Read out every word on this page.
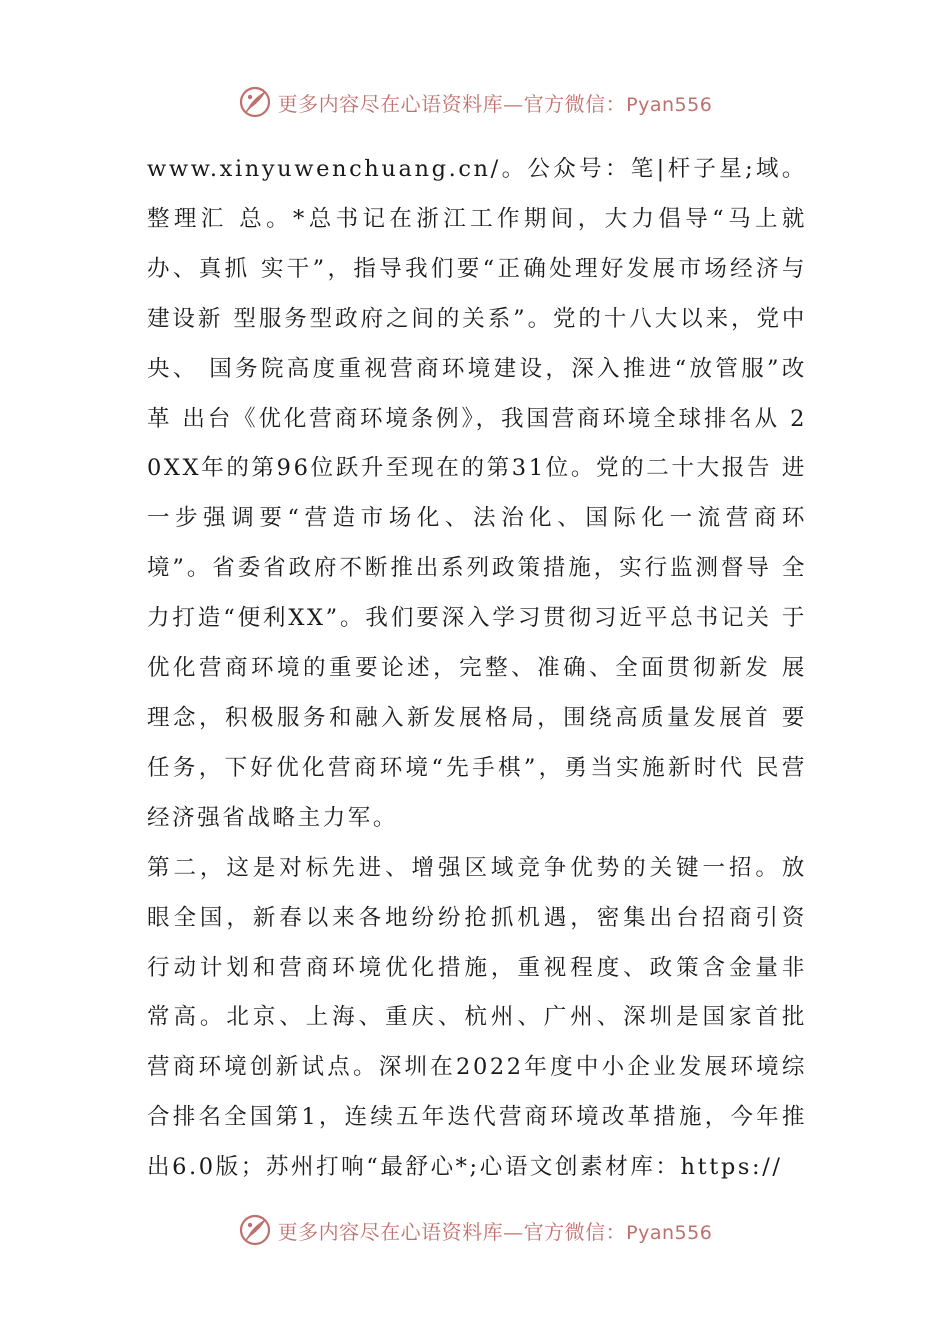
更多内容尽在心语资料库—官方微信：Pyan556

www.xinyuwenchuang.cn/。公众号：笔|杆子星;域。整理汇 总。*总书记在浙江工作期间，大力倡导“马上就办、真抓 实干”，指导我们要“正确处理好发展市场经济与建设新 型服务型政府之间的关系”。党的十八大以来，党中央、 国务院高度重视营商环境建设，深入推进“放管服”改革 出台《优化营商环境条例》，我国营商环境全球排名从 20XX年的第96位跃升至现在的第31位。党的二十大报告 进一步强调要“营造市场化、法治化、国际化一流营商环 境”。省委省政府不断推出系列政策措施，实行监测督导 全力打造“便利XX”。我们要深入学习贯彻习近平总书记关 于优化营商环境的重要论述，完整、准确、全面贯彻新发 展理念，积极服务和融入新发展格局，围绕高质量发展首 要任务，下好优化营商环境“先手棋”，勇当实施新时代 民营经济强省战略主力军。

第二，这是对标先进、增强区域竞争优势的关键一招。放 眼全国，新春以来各地纷纷抢抓机遇，密集出台招商引资 行动计划和营商环境优化措施，重视程度、政策含金量非 常高。北京、上海、重庆、杭州、广州、深圳是国家首批 营商环境创新试点。深圳在2022年度中小企业发展环境综 合排名全国第1，连续五年迭代营商环境改革措施，今年推 出6.0版；苏州打响“最舒心*;心语文创素材库：https://

更多内容尽在心语资料库—官方微信：Pyan556
